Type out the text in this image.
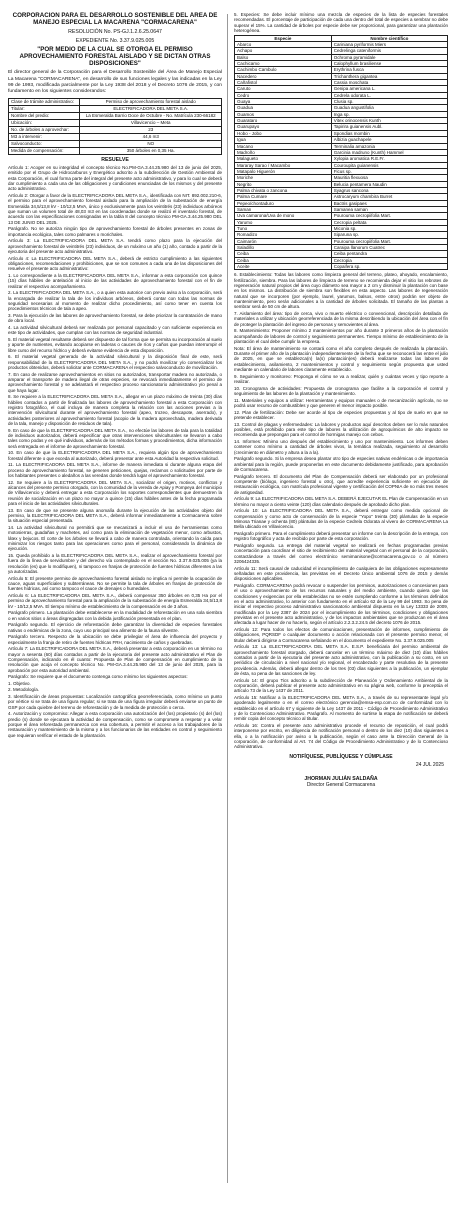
CORPORACIÓN PARA EL DESARROLLO SOSTENIBLE DEL ÁREA DE MANEJO ESPECIAL LA MACARENA "CORMACARENA"
RESOLUCIÓN No. PS-GJ.1.2.6.25.0647
EXPEDIENTE No. 3.37.9.025.005
"POR MEDIO DE LA CUAL SE OTORGA EL PERMISO APROVECHAMIENTO FORESTAL AISLADO Y SE DICTAN OTRAS DISPOSICIONES"
El director general de la Corporación para el Desarrollo Sostenible del Área de Manejo Especial La Macarena "CORMACARENA", en desarrollo de sus funciones legales y las indicadas en la Ley 99 de 1993, modificada parcialmente por la Ley 1938 del 2018 y el Decreto 1076 de 2015, y con fundamento en los siguientes considerandos:
Clase de trámite administrativo:	Permiso de aprovechamiento forestal aislado
Titular:	ELECTRIFICADORA DEL META S.A.
Nombre del predio:	La Esmeralda Barrio Doce de Octubre - No. Matrícula 230-66182
Ubicación:	Villavicencio – Meta
No. de árboles a aprovechar:	23
M3 a intervenir:	44,6 m3
Salvoconducto:	NO
Medida de compensación:	350 árboles en 0,35 Ha.
RESUELVE
Artículo 1: Acoger en su integridad el concepto técnico No.PM-GA.3.44.25.980 del 13 de junio del 2025, emitido por el Grupo de Hidrocarburos y Energético adscrito a la subdirección de Gestión Ambiental de esta Corporación, el cual forma parte del integral del presente acto administrativo, y para lo cual se deberá dar cumplimiento a cada una de las obligaciones y condiciones enunciadas de los mismos y del presente acto administrativo.
Artículo 2: Otorgar a favor de la ELECTRIFICADORA DEL META S.A., identificada con NIT. 892.002.210-6, el permiso para el aprovechamiento forestal aislado para la ampliación de la subestación de energía Esmeralda 34,5/13,8 kV - 10/12,5 MVA, único y exclusivamente para los veintitrés (23) individuos arbóreos que suman un volumen total de 48,03 m3 en las coordenadas donde se realizó el inventario forestal, de acuerdo con las especificaciones consignadas en la tabla 8 del concepto técnico PM-GA.3.44.25.980 DEL 13 DE JUNIO DEL 2025.
Parágrafo. No se autoriza ningún tipo de aprovechamiento forestal de árboles presentes en zonas de importancia ecológica, tales como palmares o morichales.
Artículo 3: La ELECTRIFICADORA DEL META S.A. tendrá como plazo para la ejecución del aprovechamiento forestal de veintitrés (23) individuos, de un máximo un año (1) año, contado a partir de la ejecutoria del presente acto administrativo.
Artículo 4: La ELECTRIFICADORA DEL META S.A., deberá de estricto cumplimiento a las siguientes obligaciones, recomendaciones y prohibiciones, que se son comunes a cada una de las disposiciones del resuelve el presente acto administrativo:
1. Lo correspondiente a la ELECTRIFICADORA DEL META S.A., informar a esta corporación con quince (15) días hábiles de antelación al inicio de las actividades de aprovechamiento forestal con el fin de realizar el respectivo acompañamiento.
2. La ELECTRIFICADORA DEL META S.A., o a quien esta autorice con previo aviso a la corporación, será la encargada de realizar la tala de los individuos arbóreos, deberá contar con todas las normas de seguridad necesarias al momento de realizar dicho procedimiento, así como tener en cuenta los procedimientos técnicos de tala a apeo.
3. Para la ejecución de las labores de aprovechamiento forestal, se debe priorizar la contratación de mano de obra local.
4. La actividad silvicultural deberá ser realizada por personal capacitado y con suficiente experiencia en este tipo de actividades, que cumplan con las normas de seguridad industrial.
5. El material vegetal resultante deberá ser dispuesto de tal forma que se permita su incorporación al suelo y aporte de nutrientes, evitando acopiarse en laderas o cauces de ríos y caños que puedan interrumpir el libre curso del recurso hídrico y deberá evitarse evidencia de esta disposición.
6. El material vegetal generado de la actividad silvicultural y la disposición final de este, será responsabilidad de la ELECTRIFICADORA DEL META S.A., y no podrá movilizar y/o comercializar los productos obtenidos, deberá solicitar ante CORMACARENA el respectivo salvoconducto de movilización.
7. En caso de realizarse aprovechamientos en sitios no autorizados, transportar madera no autorizada, o amparar el transporte de madera ilegal de otras especies, se revocará inmediatamente el permiso de aprovechamiento forestal y se adelantará el respectivo proceso sancionatorio administrativo y/o penal a que haya lugar.
8. Se requiere a la ELECTRIFICADORA DEL META S.A., allegar en un plazo máximo de treinta (30) días hábiles contados a partir de finalizada las labores de aprovechamiento forestal a esta Corporación con registro fotográfico, el cual incluya de manera completa la relación con las acciones previas a la intervención silvicultural durante el aprovechamiento forestal (apeo, trozeo, descapote, aserrado), y actividades posteriores al aprovechamiento forestal (acopio de la madera aprovechada, madera derivada de la tala, manejo y disposición de residuos de tala).
9. En caso de que la ELECTRIFICADORA DEL META S.A., no efectúe las labores de tala para la totalidad de individuos autorizados, deberá especificar que otras intervenciones silviculturales se llevaron a cabo tales como podas y en qué individuos, además de los métodos formas y procedimientos, dicha información será entregada en el informe de aprovechamiento forestal.
10. En caso de que la ELECTRIFICADORA DEL META S.A., requiera algún tipo de aprovechamiento forestal diferente o que exceda al autorizado, deberá presentar ante esta Autoridad la respectiva solicitud.
11. La ELECTRIFICADORA DEL META S.A., informe de manera inmediata si durante alguna etapa del proceso de aprovechamiento forestal, se generen peticiones, quejas, reclamos o solicitudes por parte de los habitantes presentes o aledaños a las veredas donde tendrá lugar el aprovechamiento forestal.
12. Se requiere a la ELECTRIFICADORA DEL META S.A., socializar el origen, motivos, conflictos y alcances del presente permiso otorgado, con la comunidad de la vereda de Apiay y Pompeya del municipio de Villavicencio y deberá entregar a esta Corporación los soportes correspondientes que demuestren la reunión de socialización en un plazo no mayor a quince (15) días hábiles antes de la fecha programada para el inicio de las actividades silviculturales.
13. En caso de que se presente alguna anomalía durante la ejecución de las actividades objeto del permiso, la ELECTRIFICADORA DEL META S.A., deberá informar inmediatamente a Cormacarena sobre la situación especial presentada.
14. La actividad silvicultural no permitirá que se mecanizará a incluir el uso de herramientas como motosierras, guadañas y machetes, así como para la eliminación de vegetación menor, como arbustos, látex y bejucos. El corte de los árboles se llevará a cabo de manera controlada, orientando la caída para minimizar los riesgos tanto para las operaciones como para el personal, considerando la dinámica de ejecución.
15. Queda prohibido a la ELECTRIFICADORA DEL META S.A., realizar el aprovechamiento forestal por fuera de la línea de servidumbre y del derecho vía contemplado en el sección No. 3.37.9.025.005 (ya la resolución (es) que lo modifiquen), ni tampoco en franjas de protección de fuentes hídricas diferentes a las ya autorizadas.
Artículo 5: El presente permiso de aprovechamiento forestal aislado no implica ni permite la ocupación de cauce, aguas superficiales y subterráneas. No se permite la tala de árboles en franjas de protección de fuentes hídricas, así como tampoco el cauce de drenajes o humedales.
Artículo 6: La ELECTRIFICADORA DEL META S.A., deberá compensar 350 árboles en 0,35 Ha por el permiso de aprovechamiento forestal para la ampliación de la subestación de energía Esmeralda 34,5/13,8 kV - 10/12,5 MVA. El tiempo mínimo de establecimiento de la compensación es de 3 años.
Parágrafo primero. La plantación debe establecerse en la modalidad de reforestación en una sola siembra o en varios sitios o áreas disgregadas con la debida justificación presentada en el plan.
Parágrafo segundo. El ejercicio de reforestación debe garantizar la diversidad de especies forestales nativas o endémicas de la zona, cuyo uso principal sea alimento de la fauna silvestre.
Parágrafo tercero. Respecto de la ubicación se debe privilegiar el área de influencia del proyecto y especialmente la franja de retiro de fuentes hídricas FRH, nacimiento de caños y quebradas.
Artículo 7: La ELECTRIFICADORA DEL META S.A., deberá presentar a esta corporación en un término no mayor a sesenta (60) días contados a partir de la ejecutoria del presente acto administrativo el Plan de Compensación, indicando en él cuanto: Propuesta de Plan de compensación en cumplimiento de la resolución que acoja el concepto técnico No. PM-GA.3.44.25.980 del 13 de junio del 2025, para la aprobación por esta autoridad ambiental.
Parágrafo: Se requiere que el documento contenga como mínimo los siguientes aspectos:
1. Objetivo.
2. Metodología.
3. Identificación de áreas propuestas: Localización cartográfica georreferenciada, como mínimo un punto por vértice si se trata de una figura regular; si se trata de una figura irregular deberá enviarse un punto de GSP por cada quiebre del terreno de reforestación y de la medida de protección o cerca.
4. Autorización y compromiso: Allegar a esta corporación una autorización del (los) propietario (s) del (los) predio (s) donde se ejecutara la actividad de compensación, como se compromete a respetar y a velar porque el área reforestada permanezca con esa cobertura, a permitir el acceso a los trabajadores de la restauración y mantenimiento de la misma y a los funcionarios de las entidades en control y seguimiento que requieran verificar el estado de la plantación.
5. Especies: Se debe incluir mínimo una mezcla de especies de la lista de especies forestales recomendadas. El porcentaje de participación de cada una dentro del total de especies a sembrar no debe superar el 15%. La cantidad de árboles por especie debe ser proporcional, para garantizar una plantación heterogénea.
Especie	Nombre científico
Abarco	Cariniana pyriformis Miers
Achapo	Cedrelinga cateniformis
Balso	Ochroma pyramidale
Cachicamo	Calophyllum brasiliense
Cachimbo Cambulo	Erythrina fusca
Nacedero	Trichanthera gigantea
Cañafistol	Cassia moschata
Caruto	Genipa americana L.
Cedro	Cedrela odorata L.
Guaya	Clusia sp.
Guadua	Guadua angustifolia
Guamos	Inga sp.
Guarataro	Vitex orinocensis Kunth
Guarupayo	Tapirira guianensis Aubl.
Hobo - Jobo	Spondias mombin
Igua	Albizia guachapele
Macano	Terminalia amazonia
Madroño	Garcinia madruno (Kunth) Hammel
Malagueto	Xylopia aromatica R.E.Fr.
Mararay Sarao / Macambo	Couroupita guianensis
Matapalo Higuerón	Ficus sp.
Moriche	Mauritia flexuosa
Negrito	Belucia pentamera Naudin
Palma chivata o zancona	Syagrus sancona
Palma Cumare	Astrocaryum chambira Burret
Pepeo/chontaduro	Bactris gasipaes
Saman	Samanea saman
Uva camarona/Uva de mono	Pourouma cecropiifolia Mart.
Yarumo	Cecropia peltata
Tuno	Miconia sp.
Romadizo	Siparuna sp.
Caimarón	Pourouma cecropiifolia Mart.
Saladillo	Caraipa llanorum Cuatrec
Ceiba	Ceiba pentandra
Ceiba	Cecropia
Aceite	Copaifera sp.
6. Establecimiento: Todas las labores como limpieza general del terreno, plateo, ahoyado, encalamiento, fertilización, siembra. Para las labores de limpieza de terreno se recomienda dejar el sitio los rebrotes de regeneración natural propios del área cuyo diámetro sea mayor a 2 cm y disminuir la plantación con base en los mismos. La distribución de siembra son flexibles en esta aspecto. Las labores de regeneración natural que se incorporen (por ejemplo, laurel, yarumos, balsos, entre otros) podrán ser objeto de mantenimiento, pero serán adicionales a la cantidad de árboles solicitada. El tamaño de las plantas a sembrar será de 50 cm de altura.
7. Aislamiento del área: tipo de cerca, vivo o muerto eléctrico o convencional, descripción detallada de materiales a utilizar y ubicación georreferenciada de la misma describiendo la ubicación del área con el fin de proteger la plantación del ingreso de personas y semovientes al área.
8. Mantenimiento: Proponer mínimo 2 mantenimientos por año durante 3 primeros años de la plantación acompañando de labores de control y seguimiento permanentes. Tiempo mínimo de establecimiento de la plantación el cual debe cumplir la empresa.
Nota: El área de mantenimiento se contará como el año completo después de realizada la plantación. Durante el primer año de la plantación independientemente de la fecha que se reconocerá las entre el julio de 2025, en que se establezca(n) la(s) plantación(es) deberá realizarse todas las labores de establecimiento, asilamiento, 2 mantenimientos y control y seguimiento según propuesta que usted mediante un calendario de labores claramente establecido.
9. Seguimiento y monitoreo: Proponga el cómo se va a realizar, quién y cuántas veces y tipo reporte a realizar.
10. Cronograma de actividades: Propuesta de cronograma que facilite a la corporación el control y seguimiento de las labores de la plantación y mantenimiento.
11. Materiales y equipos a utilizar: Herramientas y equipos manuales o de mecanización agrícola, no se podrá usar recurso de combustibles y que generen el menor impacto posible.
12. Plan de fertilización: Debe ser acorde al tipo de especies propuestas y al tipo de suelo en que se pretende establecer.
13. Control de plagas y enfermedades: La labores y productos aquí descritos deben ser lo más naturales posibles, está prohibido para este tipo de labores la utilización de agroquímicos de alto impacto se recomienda que prepongan para el control de hormigas manejo con cebos.
14. Informes: Mínimo uno después del establecimiento y uno por mantenimiento. Los informes deben contener como mínimo a cantidad de árboles vivos, la temática realizada, seguimiento al desarrollo (crecimiento en diámetro y altura a la a la).
Parágrafo segundo. Si la empresa desea plantar otro tipo de especies nativas endémicas o de importancia ambiental para la región, puede proponerlas en este documento debidamente justificado, para aprobación de Cormacarena.
Parágrafo tercero. El documento del Plan de Compensación deberá ser elaborado por un profesional competente (biólogo, ingeniero forestal u otro), que acredite experiencia suficiente en ejecución de restauración ecológica, con matrícula profesional vigente y certificación del COPNIA de no más tres meses de antigüedad.
Artículo 9: La ELECTRIFICADORA DEL META S.A. DEBERÁ EJECUTAR EL Plan de Compensación en un término no mayor a ciento veinte (120) días calendario después de aprobado dicho plan.
Artículo 10: La ELECTRIFICADORA DEL META S.A., deberá entregar como medida opcional de compensación y como acto de conservación de la especie "Yopo" treinta (30) plántulas de la especie Mimosa Trianae y ochenta (80) plántulas de la especie Cedrela Odorata al vivero de CORMACARENA La Bella ubicado en Villavicencio.
Parágrafo primero. Para el cumplimiento deberá presentar un informe con la descripción de la entrega, con registro fotográfico y acta de recibido por parte de esta corporación.
Parágrafo segundo. La entrega del material vegetal se realizará en fechas programadas previas concertación para coordinar el sitio de recibimiento del material vegetal con el personal de la corporación, contactándose a través del correo electrónico semimanisone@cormacarena.gov.co o al número 3206424335.
Artículo 11: Será causal de caducidad el incumplimiento de cualquiera de las obligaciones expresamente señaladas en este providencia, las previstas en el Decreto Único ambiental 1076 de 2015 y demás disposiciones aplicables.
Parágrafo. CORMACARENA podrá revocar o suspender los permisos, autorizaciones o concesiones para el uso o aprovechamiento de los recursos naturales y del medio ambiente, cuando quiera que las condiciones y exigencias por ella establecidas no se estén cumpliendo conforme a los términos definidos en el acto administrativo, lo anterior con fundamento en el artículo 62 de la Ley 99 del 1993. So pena de iniciar el respectivo proceso administrativo sancionatorio ambiental dispuesto en la Ley 13333 de 2009, modificada por la Ley 2387 de 2024 por el incumplimiento de los términos, condiciones y obligaciones previstas en el presente acto administrativo, y de los impactos ambientales que se produzcan en el área afectada a lugar hacer de no hacerlo, según el artículo 2.2.3.2.24.5 del decreto 1076 de 2015.
Artículo 12: Para todos los efectos de comunicaciones, presentación de informes, cumplimiento de obligaciones, PQRSDF o cualquier documento o acción relacionada con el presente permiso menor, el titular deberá dirigirse a Cormacarena señalando en el documento el expediente No. 3.37.9.025.005
Artículo 13: La ELECTRIFICADORA DEL META S.A. E.S.P. beneficiaria del permiso ambiental de aprovechamiento forestal otorgado, deberá cancelar en un término máximo de diez (10) días hábiles contados a partir de la ejecutoria del presente acto administrativo, con la publicación a su costo, en un periódico de circulación a nivel nacional y/o regional, el encabezado y parte resolutiva de la presente providencia. Además, deberá allegar dentro de los tres (03) días siguientes a la publicación, un ejemplar de ésta, so pena de las sanciones de ley.
Artículo 14: El grupo Tics adscrito a la subdirección de Planeación y Ordenamiento Ambiental de la corporación, deberá publicar el presente acto administrativo en su página web, conforme lo preceptúa el artículo 73 de la Ley 1437 de 2011.
Artículo 15: Notificar a la ELECTRIFICADORA DEL META S.A., a través de su representante legal y/o apoderado legalmente o en el correo electrónico gerencia@emsa-esp.com.co de conformidad con lo establecido en el artículo 67 y siguiente de la Ley 1437 de 2011 - Código de Procedimiento Administrativo y de lo Contencioso Administrativo. Parágrafo. Al momento de surtirse la etapa de notificación se deberá remitir copia del concepto técnico al titular.
Artículo 16: Contra el presente acto administrativo procede el recurso de reposición, el cual podrá interponerse por escrito, en diligencia de notificación personal o dentro de los diez (10) días siguientes a ella, o a la notificación por aviso o la publicación, según el caso ante la Dirección General de la corporación, de conformidad al Art. 74 del Código de Procedimiento Administrativo y de lo Contencioso Administrativo.
NOTIFÍQUESE, PUBLÍQUESE Y CÚMPLASE
24 JUL 2025
JHORMAN JULIÁN SALDAÑA
Director General Cormacarena
